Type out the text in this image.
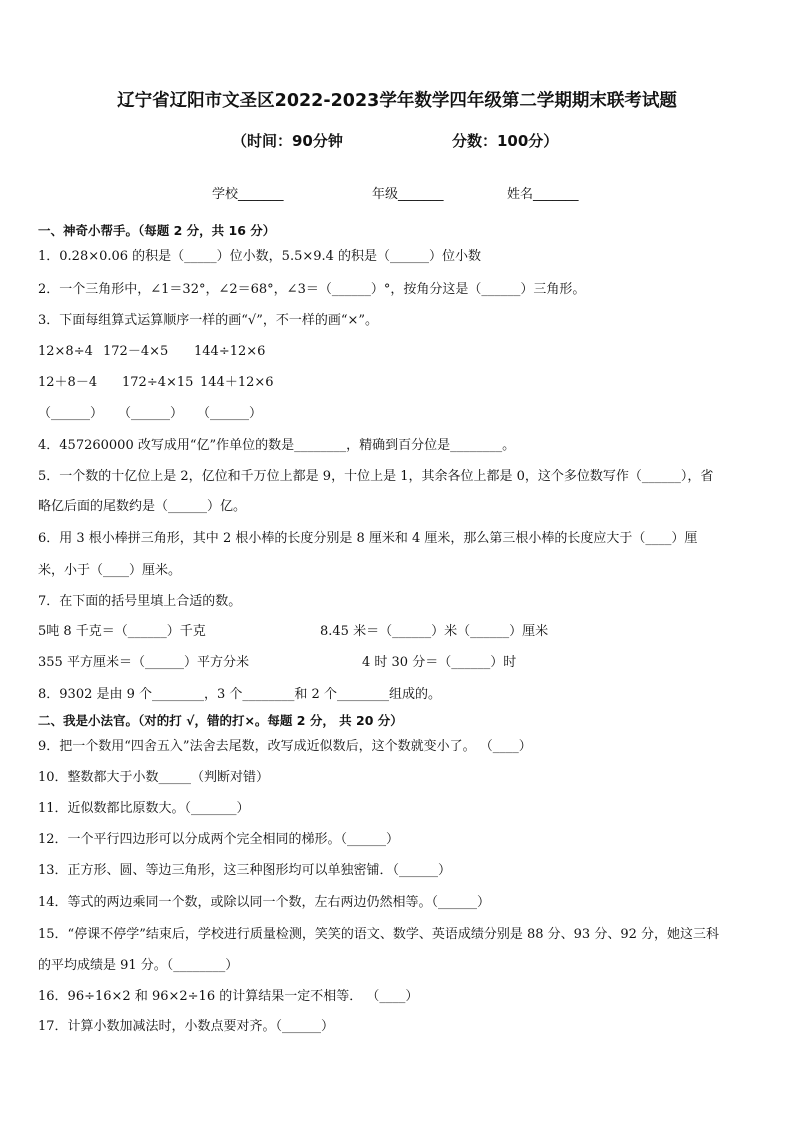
辽宁省辽阳市文圣区2022-2023学年数学四年级第二学期期末联考试题
（时间：90分钟	分数：100分）
学校_______	年级_______	姓名_______
一、神奇小帮手。（每题 2 分，共 16 分）
1．0.28×0.06 的积是（_____）位小数，5.5×9.4 的积是（______）位小数
2．一个三角形中，∠1＝32°，∠2＝68°，∠3＝（______）°，按角分这是（______）三角形。
3．下面每组算式运算顺序一样的画“√”，不一样的画“×”。
12×8÷4 172－4×5 144÷12×6
12＋8－4 172÷4×15 144＋12×6
（______） （______） （______）
4．457260000 改写成用“亿”作单位的数是________，精确到百分位是________。
5．一个数的十亿位上是 2，亿位和千万位上都是 9，十位上是 1，其余各位上都是 0，这个多位数写作（______），省
略亿后面的尾数约是（______）亿。
6．用 3 根小棒拼三角形，其中 2 根小棒的长度分别是 8 厘米和 4 厘米，那么第三根小棒的长度应大于（____）厘
米，小于（____）厘米。
7．在下面的括号里填上合适的数。
5吨 8 千克＝（______）千克	8.45 米＝（______）米（______）厘米
355 平方厘米＝（______）平方分米	4 时 30 分＝（______）时
8．9302 是由 9 个________，3 个________和 2 个________组成的。
二、我是小法官。（对的打 √，错的打×。每题 2 分， 共 20 分）
9．把一个数用“四舍五入”法舍去尾数，改写成近似数后，这个数就变小了。 （____）
10．整数都大于小数_____（判断对错）
11．近似数都比原数大。（_______）
12．一个平行四边形可以分成两个完全相同的梯形。（______）
13．正方形、圆、等边三角形，这三种图形均可以单独密铺．（______）
14．等式的两边乘同一个数，或除以同一个数，左右两边仍然相等。（______）
15．“停课不停学”结束后，学校进行质量检测，笑笑的语文、数学、英语成绩分别是 88 分、93 分、92 分，她这三科
的平均成绩是 91 分。（________）
16．96÷16×2 和 96×2÷16 的计算结果一定不相等． （____）
17．计算小数加减法时，小数点要对齐。（______）
